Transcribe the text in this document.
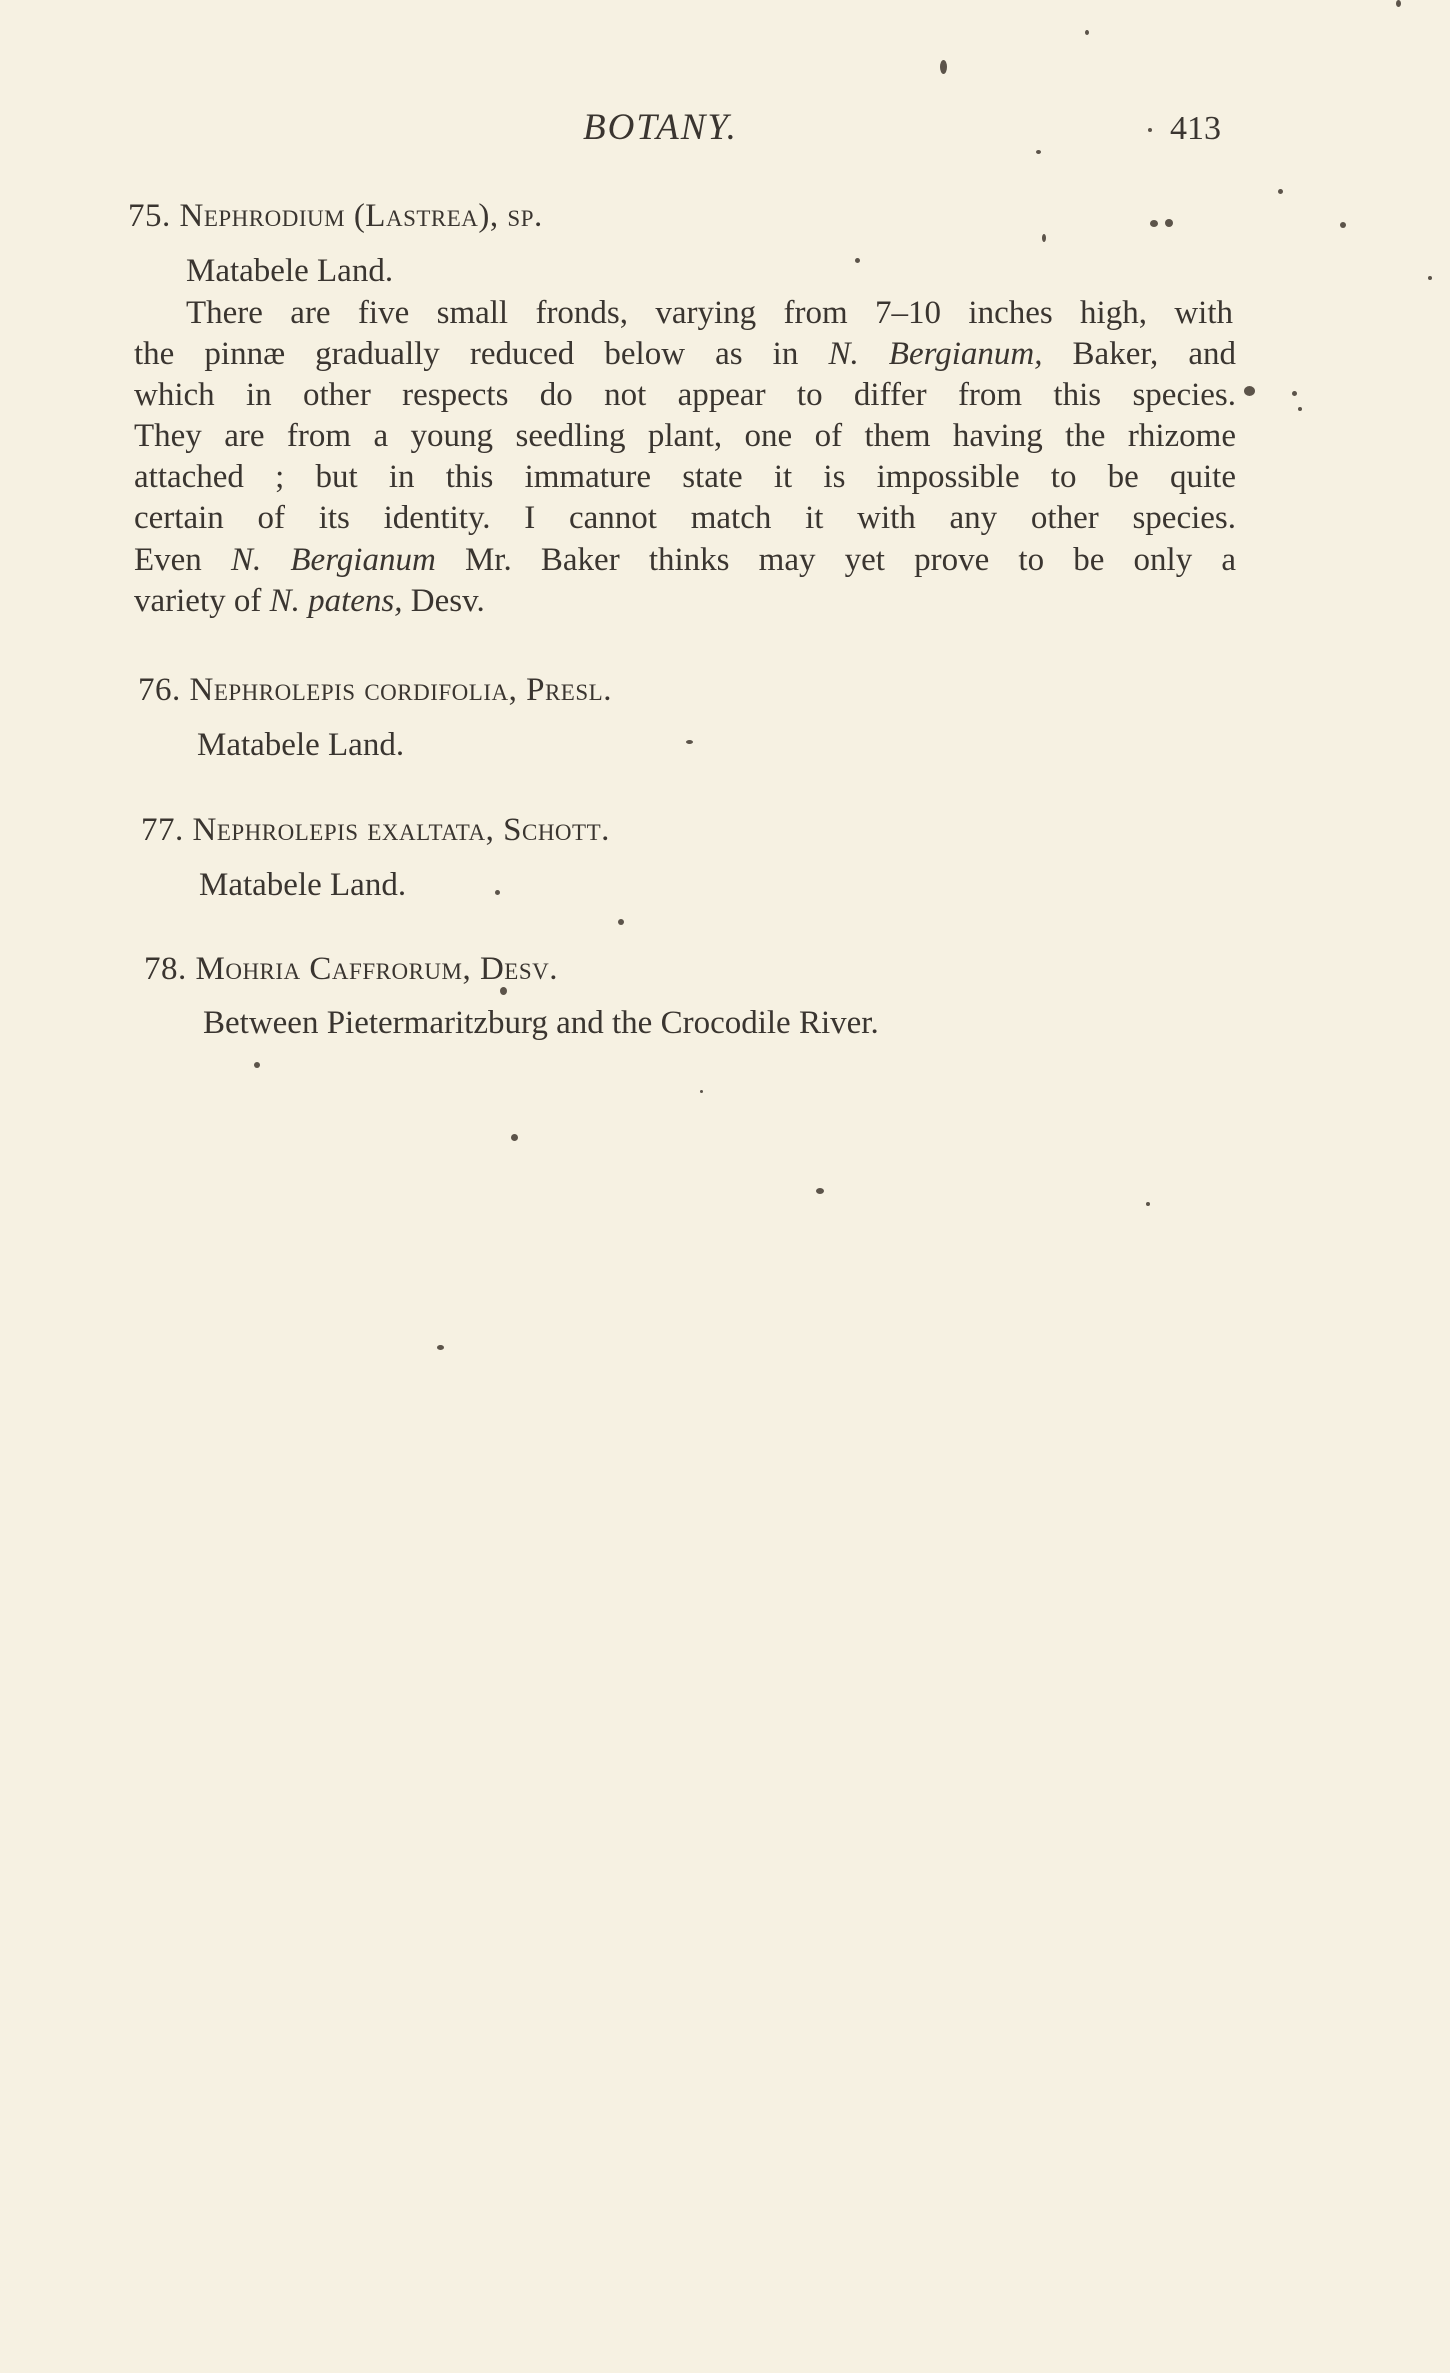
BOTANY.	413
75. Nephrodium (Lastrea), sp.
Matabele Land.
There are five small fronds, varying from 7–10 inches high, with
the pinnæ gradually reduced below as in N. Bergianum, Baker, and
which in other respects do not appear to differ from this species.
They are from a young seedling plant, one of them having the rhizome
attached ; but in this immature state it is impossible to be quite
certain of its identity. I cannot match it with any other species.
Even N. Bergianum Mr. Baker thinks may yet prove to be only a
variety of N. patens, Desv.
76. Nephrolepis cordifolia, Presl.
Matabele Land.
77. Nephrolepis exaltata, Schott.
Matabele Land.
78. Mohria Caffrorum, Desv.
Between Pietermaritzburg and the Crocodile River.
